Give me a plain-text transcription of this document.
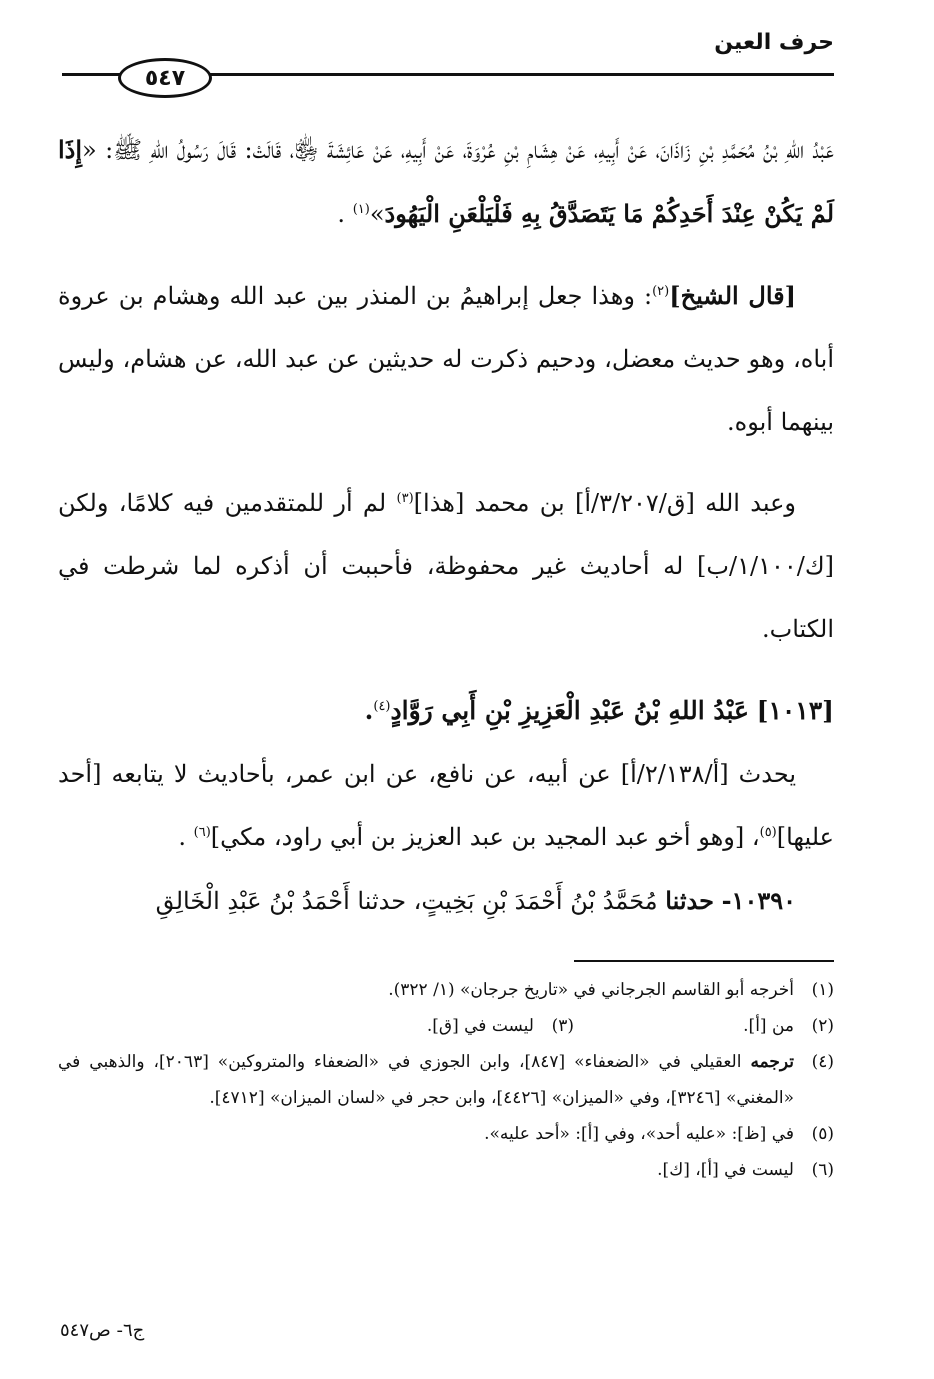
حرف العين
٥٤٧

عَبْدُ اللهِ بْنُ مُحَمَّدِ بْنِ زَاذَانَ، عَنْ أَبِيهِ، عَنْ هِشَامِ بْنِ عُرْوَةَ، عَنْ أَبِيهِ، عَنْ عَائِشَةَ ﵂، قَالَتْ: قَالَ رَسُولُ اللهِ ﷺ: «إِذَا لَمْ يَكُنْ عِنْدَ أَحَدِكُمْ مَا يَتَصَدَّقُ بِهِ فَلْيَلْعَنِ الْيَهُودَ»$^{(١)}$ .

[قال الشيخ]$^{(٢)}$: وهذا جعل إبراهيمُ بن المنذر بين عبد الله وهشام بن عروة أباه، وهو حديث معضل، ودحيم ذكرت له حديثين عن عبد الله، عن هشام، وليس بينهما أبوه.

وعبد الله [ق/٣/٢٠٧/أ] بن محمد [هذا]$^{(٣)}$ لم أر للمتقدمين فيه كلامًا، ولكن [ك/١/١٠٠/ب] له أحاديث غير محفوظة، فأحببت أن أذكره لما شرطت في الكتاب.

[١٠١٣] عَبْدُ اللهِ بْنُ عَبْدِ الْعَزِيزِ بْنِ أَبِي رَوَّادٍ$^{(٤)}$.

يحدث [أ/٢/١٣٨/أ] عن أبيه، عن نافع، عن ابن عمر، بأحاديث لا يتابعه [أحد عليها]$^{(٥)}$، [وهو أخو عبد المجيد بن عبد العزيز بن أبي راود، مكي]$^{(٦)}$ .

١٠٣٩٠- حدثنا مُحَمَّدُ بْنُ أَحْمَدَ بْنِ بَخِيتٍ، حدثنا أَحْمَدُ بْنُ عَبْدِ الْخَالِقِ

(١)
أخرجه أبو القاسم الجرجاني في «تاريخ جرجان» (١/ ٣٢٢).
(٢)
من [أ].
(٣)
ليست في [ق].
(٤)
ترجمه العقيلي في «الضعفاء» [٨٤٧]، وابن الجوزي في «الضعفاء والمتروكين» [٢٠٦٣]، والذهبي في «المغني» [٣٢٤٦]، وفي «الميزان» [٤٤٢٦]، وابن حجر في «لسان الميزان» [٤٧١٢].
(٥)
في [ظ]: «عليه أحد»، وفي [أ]: «أحد عليه».
(٦)
ليست في [أ]، [ك].
ج٦- ص٥٤٧
